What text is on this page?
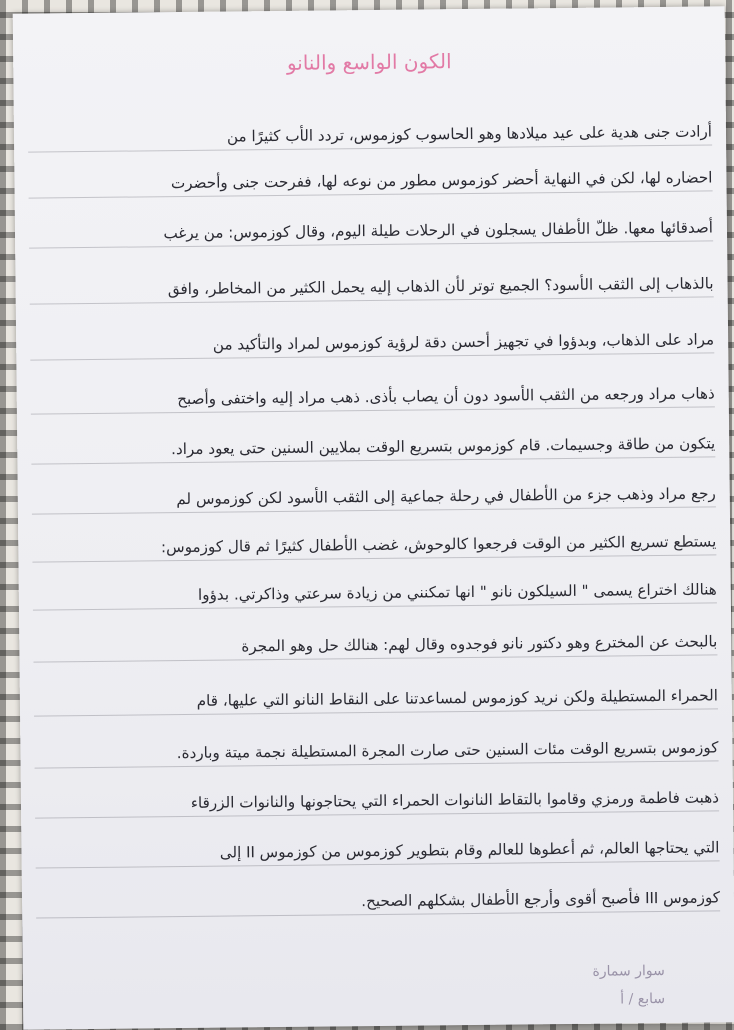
الكون الواسع والنانو
أرادت جنى هدية على عيد ميلادها وهو الحاسوب كوزموس، تردد الأب كثيرًا من
احضاره لها، لكن في النهاية أحضر كوزموس مطور من نوعه لها، ففرحت جنى وأحضرت
أصدقائها معها. ظلّ الأطفال يسجلون في الرحلات طيلة اليوم، وقال كوزموس: من يرغب
بالذهاب إلى الثقب الأسود؟ الجميع توتر لأن الذهاب إليه يحمل الكثير من المخاطر، وافق
مراد على الذهاب، وبدؤوا في تجهيز أحسن دقة لرؤية كوزموس لمراد والتأكيد من
ذهاب مراد ورجعه من الثقب الأسود دون أن يصاب بأذى. ذهب مراد إليه واختفى وأصبح
يتكون من طاقة وجسيمات. قام كوزموس بتسريع الوقت بملايين السنين حتى يعود مراد.
رجع مراد وذهب جزء من الأطفال في رحلة جماعية إلى الثقب الأسود لكن كوزموس لم
يستطع تسريع الكثير من الوقت فرجعوا كالوحوش، غضب الأطفال كثيرًا ثم قال كوزموس:
هنالك اختراع يسمى " السيلكون نانو " انها تمكنني من زيادة سرعتي وذاكرتي. بدؤوا
بالبحث عن المخترع وهو دكتور نانو فوجدوه وقال لهم: هنالك حل وهو المجرة
الحمراء المستطيلة ولكن نريد كوزموس لمساعدتنا على النقاط النانو التي عليها، قام
كوزموس بتسريع الوقت مئات السنين حتى صارت المجرة المستطيلة نجمة ميتة وباردة.
ذهبت فاطمة ورمزي وقاموا بالتقاط النانوات الحمراء التي يحتاجونها والنانوات الزرقاء
التي يحتاجها العالم، ثم أعطوها للعالم وقام بتطوير كوزموس من كوزموس II إلى
كوزموس III فأصبح أقوى وأرجع الأطفال بشكلهم الصحيح.
سوار سمارة
سابع / أ
